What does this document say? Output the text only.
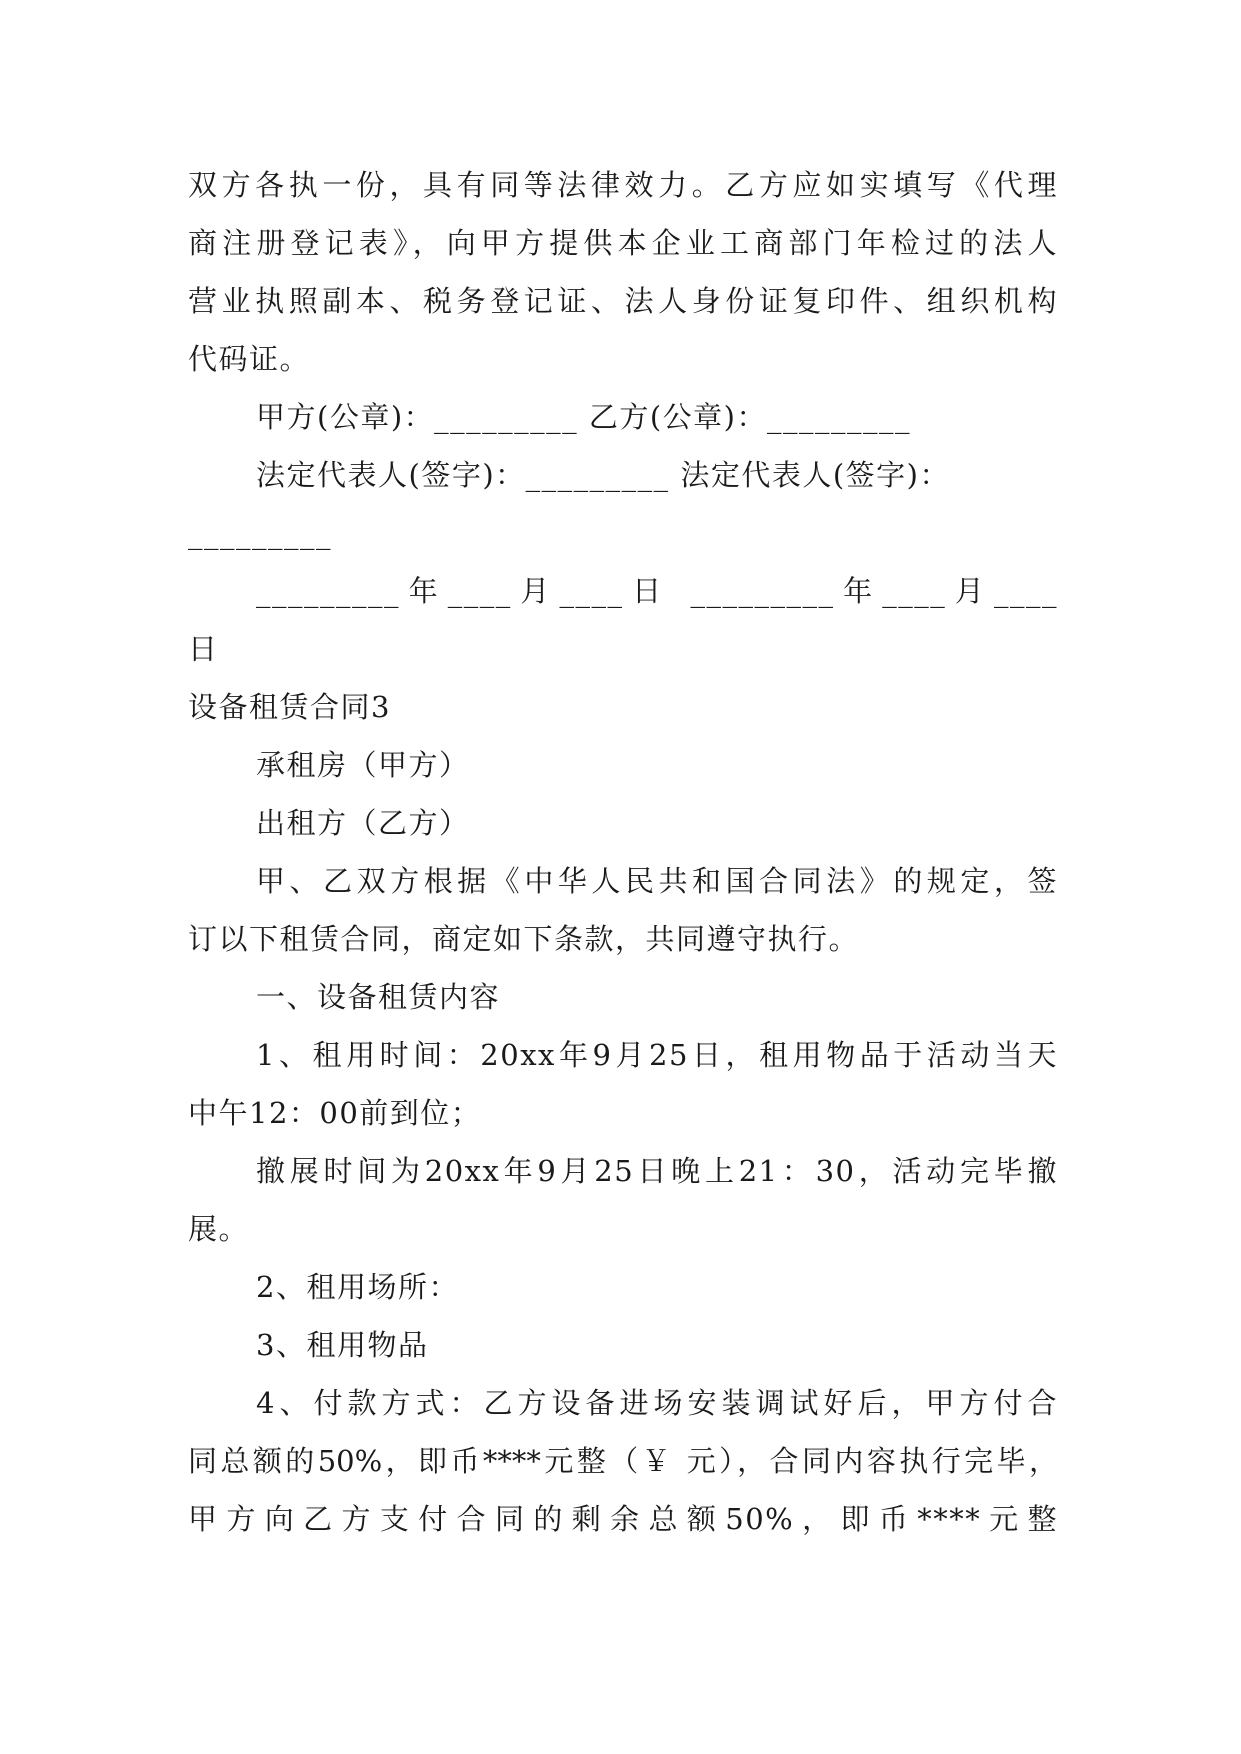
双方各执一份，具有同等法律效力。乙方应如实填写《代理
商注册登记表》，向甲方提供本企业工商部门年检过的法人
营业执照副本、税务登记证、法人身份证复印件、组织机构
代码证。
甲方(公章)：_________ 乙方(公章)：_________
法定代表人(签字)：_________ 法定代表人(签字)：
_________
_________年____月____日 _________年____月____
日
设备租赁合同3
承租房（甲方）
出租方（乙方）
甲、乙双方根据《中华人民共和国合同法》的规定，签
订以下租赁合同，商定如下条款，共同遵守执行。
一、设备租赁内容
1、租用时间：20xx年9月25日，租用物品于活动当天
中午12：00前到位；
撤展时间为20xx年9月25日晚上21：30，活动完毕撤
展。
2、租用场所：
3、租用物品
4、付款方式：乙方设备进场安装调试好后，甲方付合
同总额的50%，即币****元整（￥ 元），合同内容执行完毕，
甲方向乙方支付合同的剩余总额50%，即币****元整
